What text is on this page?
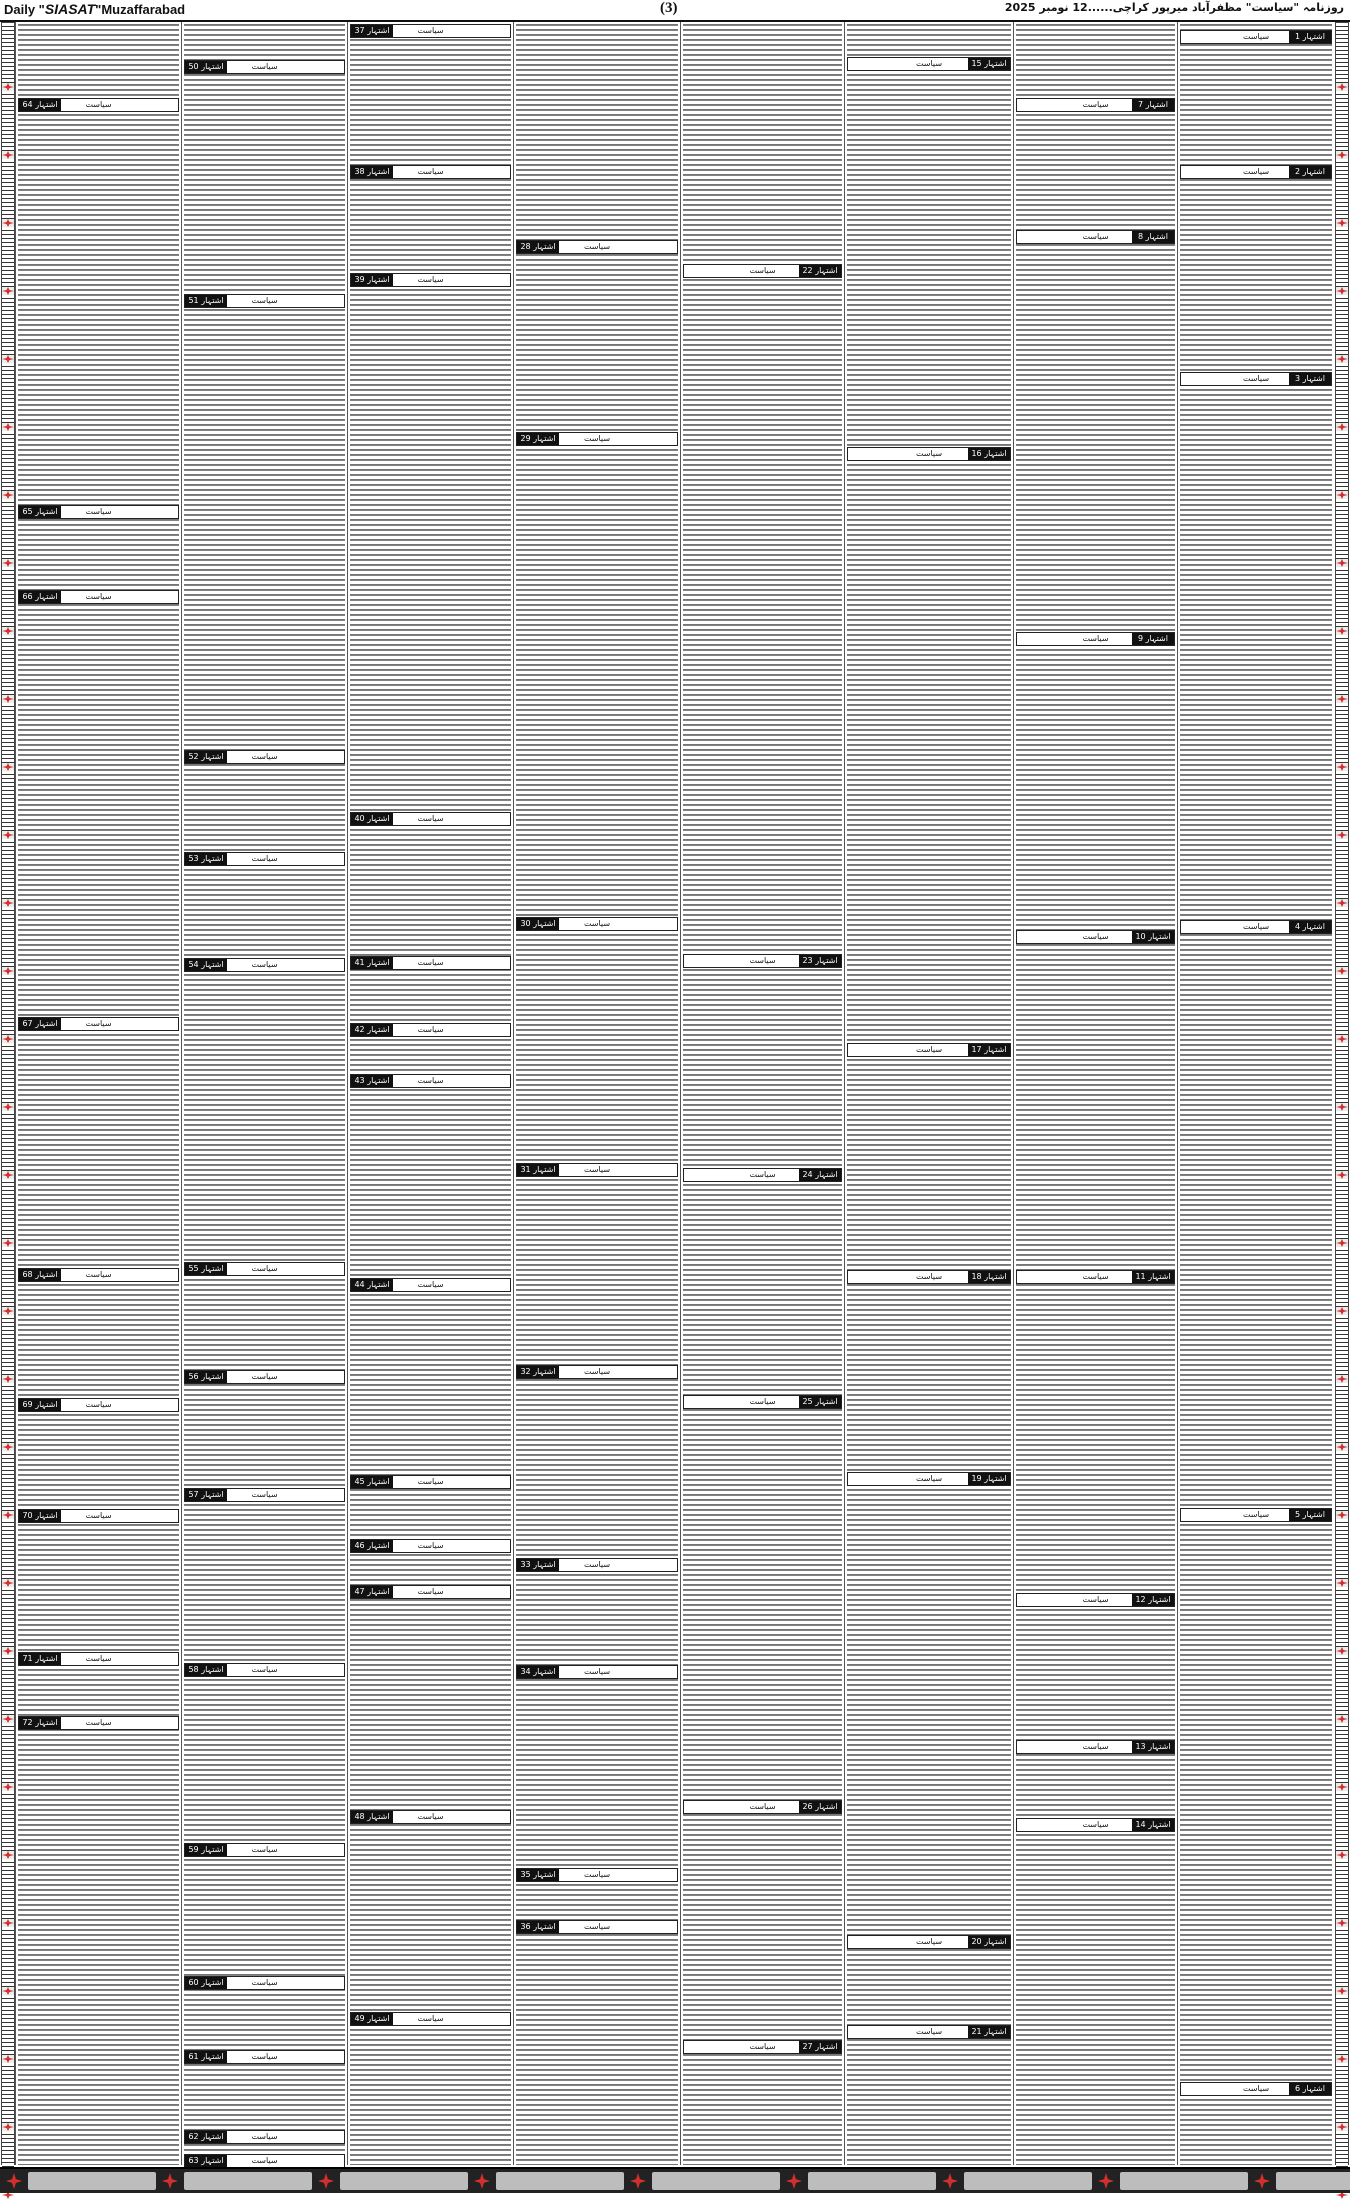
Daily "SIASAT"Muzaffarabad	(3)	روزنامہ "سیاست" مظفرآباد میرپور کراچی......12 نومبر 2025
اشتہار 1
سیاست
اشتہار 2
سیاست
اشتہار 3
سیاست
اشتہار 4
سیاست
اشتہار 5
سیاست
اشتہار 6
سیاست
اشتہار 7
سیاست
اشتہار 8
سیاست
اشتہار 9
سیاست
اشتہار 10
سیاست
اشتہار 11
سیاست
اشتہار 12
سیاست
اشتہار 13
سیاست
اشتہار 14
سیاست
اشتہار 15
سیاست
اشتہار 16
سیاست
اشتہار 17
سیاست
اشتہار 18
سیاست
اشتہار 19
سیاست
اشتہار 20
سیاست
اشتہار 21
سیاست
اشتہار 22
سیاست
اشتہار 23
سیاست
اشتہار 24
سیاست
اشتہار 25
سیاست
اشتہار 26
سیاست
اشتہار 27
سیاست
اشتہار 28	سیاست
اشتہار 29	سیاست
اشتہار 30	سیاست
اشتہار 31	سیاست
اشتہار 32	سیاست
اشتہار 33	سیاست
اشتہار 34	سیاست
اشتہار 35	سیاست
اشتہار 36	سیاست
اشتہار 37	سیاست
اشتہار 38	سیاست
اشتہار 39	سیاست
اشتہار 40	سیاست
اشتہار 41	سیاست
اشتہار 42	سیاست
اشتہار 43	سیاست
اشتہار 44	سیاست
اشتہار 45	سیاست
اشتہار 46	سیاست
اشتہار 47	سیاست
اشتہار 48	سیاست
اشتہار 49	سیاست
اشتہار 50	سیاست
اشتہار 51	سیاست
اشتہار 52	سیاست
اشتہار 53	سیاست
اشتہار 54	سیاست
اشتہار 55	سیاست
اشتہار 56	سیاست
اشتہار 57	سیاست
اشتہار 58	سیاست
اشتہار 59	سیاست
اشتہار 60	سیاست
اشتہار 61	سیاست
اشتہار 62	سیاست
اشتہار 63	سیاست
اشتہار 64	سیاست
اشتہار 65	سیاست
اشتہار 66	سیاست
اشتہار 67	سیاست
اشتہار 68	سیاست
اشتہار 69	سیاست
اشتہار 70	سیاست
اشتہار 71	سیاست
اشتہار 72	سیاست
